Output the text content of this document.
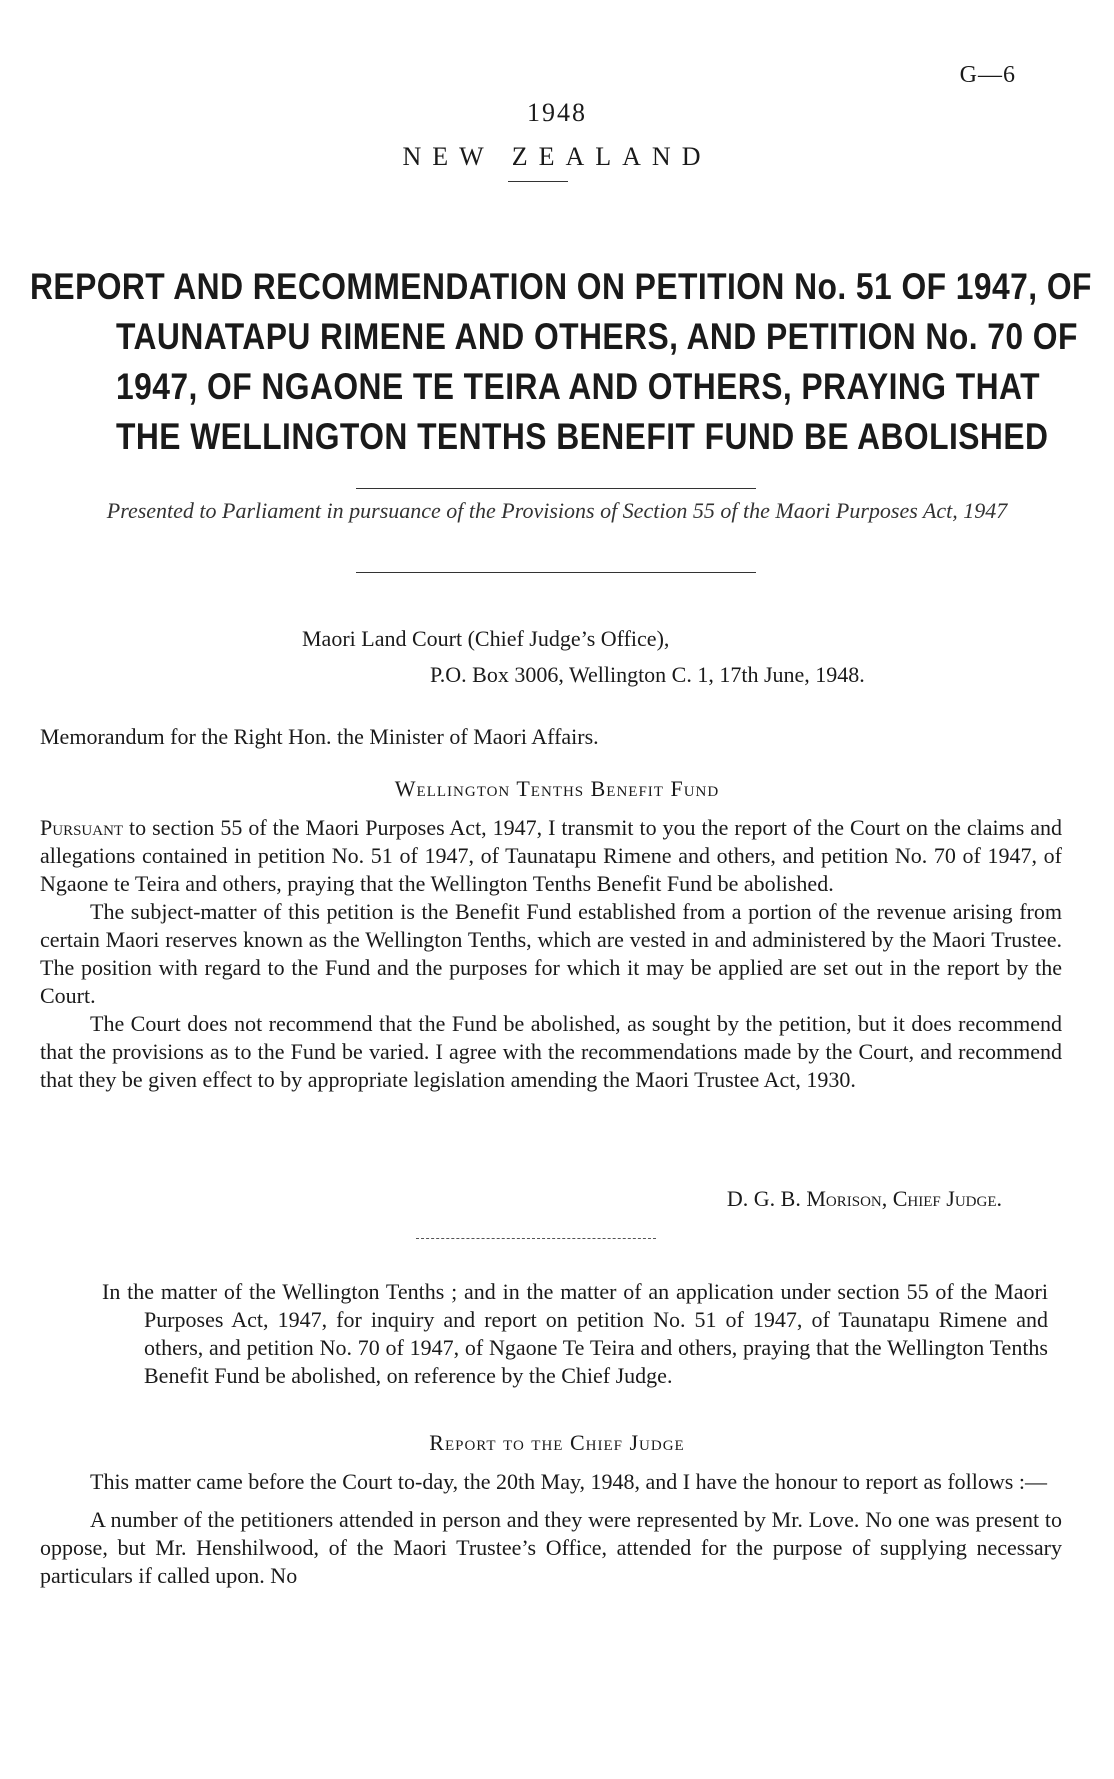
G—6
1948
NEW ZEALAND
REPORT AND RECOMMENDATION ON PETITION No. 51 OF 1947, OF
TAUNATAPU RIMENE AND OTHERS, AND PETITION No. 70 OF
1947, OF NGAONE TE TEIRA AND OTHERS, PRAYING THAT
THE WELLINGTON TENTHS BENEFIT FUND BE ABOLISHED
Presented to Parliament in pursuance of the Provisions of Section 55 of the Maori Purposes Act, 1947
Maori Land Court (Chief Judge’s Office),
P.O. Box 3006, Wellington C. 1, 17th June, 1948.
Memorandum for the Right Hon. the Minister of Maori Affairs.
Wellington Tenths Benefit Fund

Pursuant to section 55 of the Maori Purposes Act, 1947, I transmit to you the report of the Court on the claims and allegations contained in petition No. 51 of 1947, of Taunatapu Rimene and others, and petition No. 70 of 1947, of Ngaone te Teira and others, praying that the Wellington Tenths Benefit Fund be abolished.

The subject-matter of this petition is the Benefit Fund established from a portion of the revenue arising from certain Maori reserves known as the Wellington Tenths, which are vested in and administered by the Maori Trustee. The position with regard to the Fund and the purposes for which it may be applied are set out in the report by the Court.

The Court does not recommend that the Fund be abolished, as sought by the petition, but it does recommend that the provisions as to the Fund be varied. I agree with the recommendations made by the Court, and recommend that they be given effect to by appropriate legislation amending the Maori Trustee Act, 1930.

D. G. B. Morison, Chief Judge.
In the matter of the Wellington Tenths ; and in the matter of an application under section 55 of the Maori Purposes Act, 1947, for inquiry and report on petition No. 51 of 1947, of Taunatapu Rimene and others, and petition No. 70 of 1947, of Ngaone Te Teira and others, praying that the Wellington Tenths Benefit Fund be abolished, on reference by the Chief Judge.
Report to the Chief Judge

This matter came before the Court to-day, the 20th May, 1948, and I have the honour to report as follows :—

A number of the petitioners attended in person and they were represented by Mr. Love. No one was present to oppose, but Mr. Henshilwood, of the Maori Trustee’s Office, attended for the purpose of supplying necessary particulars if called upon. No
